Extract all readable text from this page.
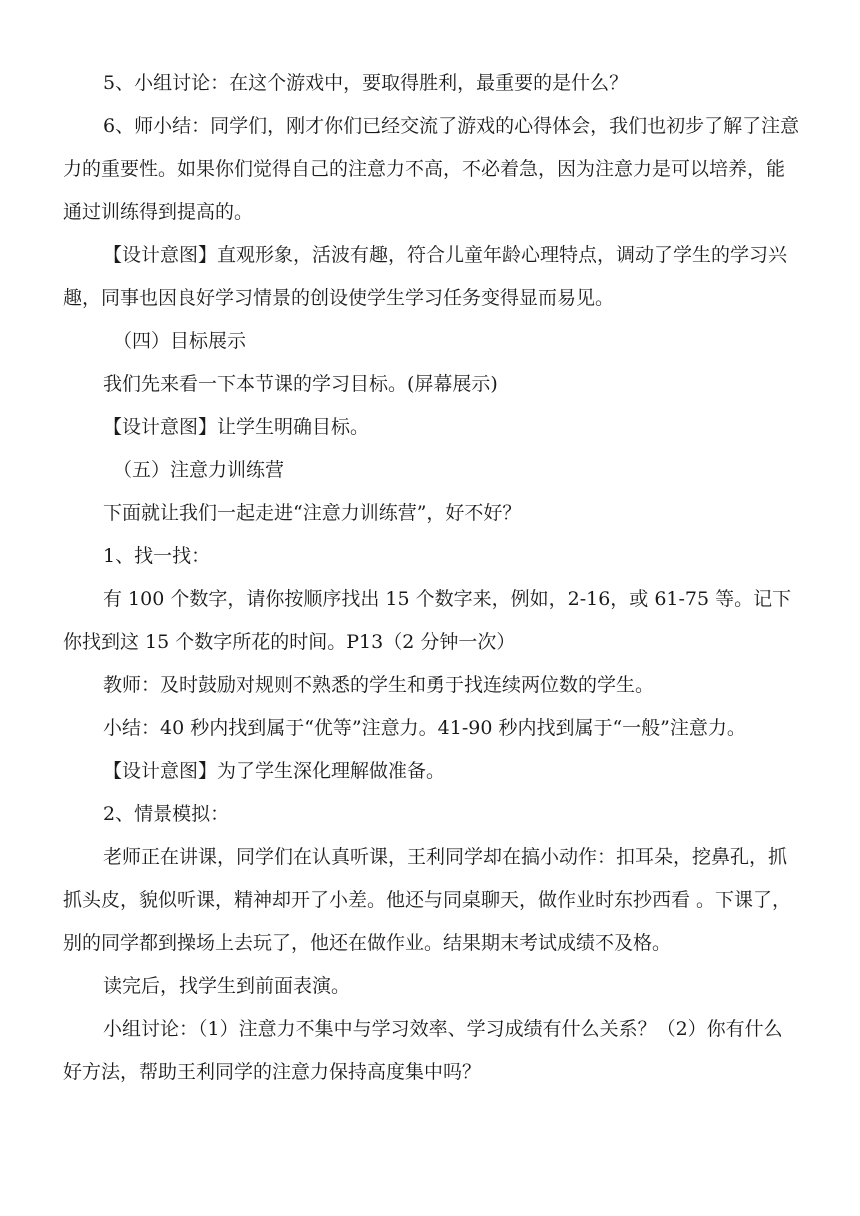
5、小组讨论：在这个游戏中，要取得胜利，最重要的是什么？

6、师小结：同学们，刚才你们已经交流了游戏的心得体会，我们也初步了解了注意力的重要性。如果你们觉得自己的注意力不高，不必着急，因为注意力是可以培养，能通过训练得到提高的。

【设计意图】直观形象，活波有趣，符合儿童年龄心理特点，调动了学生的学习兴趣，同事也因良好学习情景的创设使学生学习任务变得显而易见。

（四）目标展示

我们先来看一下本节课的学习目标。(屏幕展示)

【设计意图】让学生明确目标。

（五）注意力训练营

下面就让我们一起走进“注意力训练营”，好不好？

1、找一找：

有 100 个数字，请你按顺序找出 15 个数字来，例如，2-16，或 61-75 等。记下你找到这 15 个数字所花的时间。P13（2 分钟一次）

教师：及时鼓励对规则不熟悉的学生和勇于找连续两位数的学生。

小结：40 秒内找到属于“优等”注意力。41-90 秒内找到属于“一般”注意力。

【设计意图】为了学生深化理解做准备。

2、情景模拟：

老师正在讲课，同学们在认真听课，王利同学却在搞小动作：扣耳朵，挖鼻孔，抓抓头皮，貌似听课，精神却开了小差。他还与同桌聊天，做作业时东抄西看 。下课了，别的同学都到操场上去玩了，他还在做作业。结果期末考试成绩不及格。

读完后，找学生到前面表演。

小组讨论：（1）注意力不集中与学习效率、学习成绩有什么关系？（2）你有什么好方法，帮助王利同学的注意力保持高度集中吗？
